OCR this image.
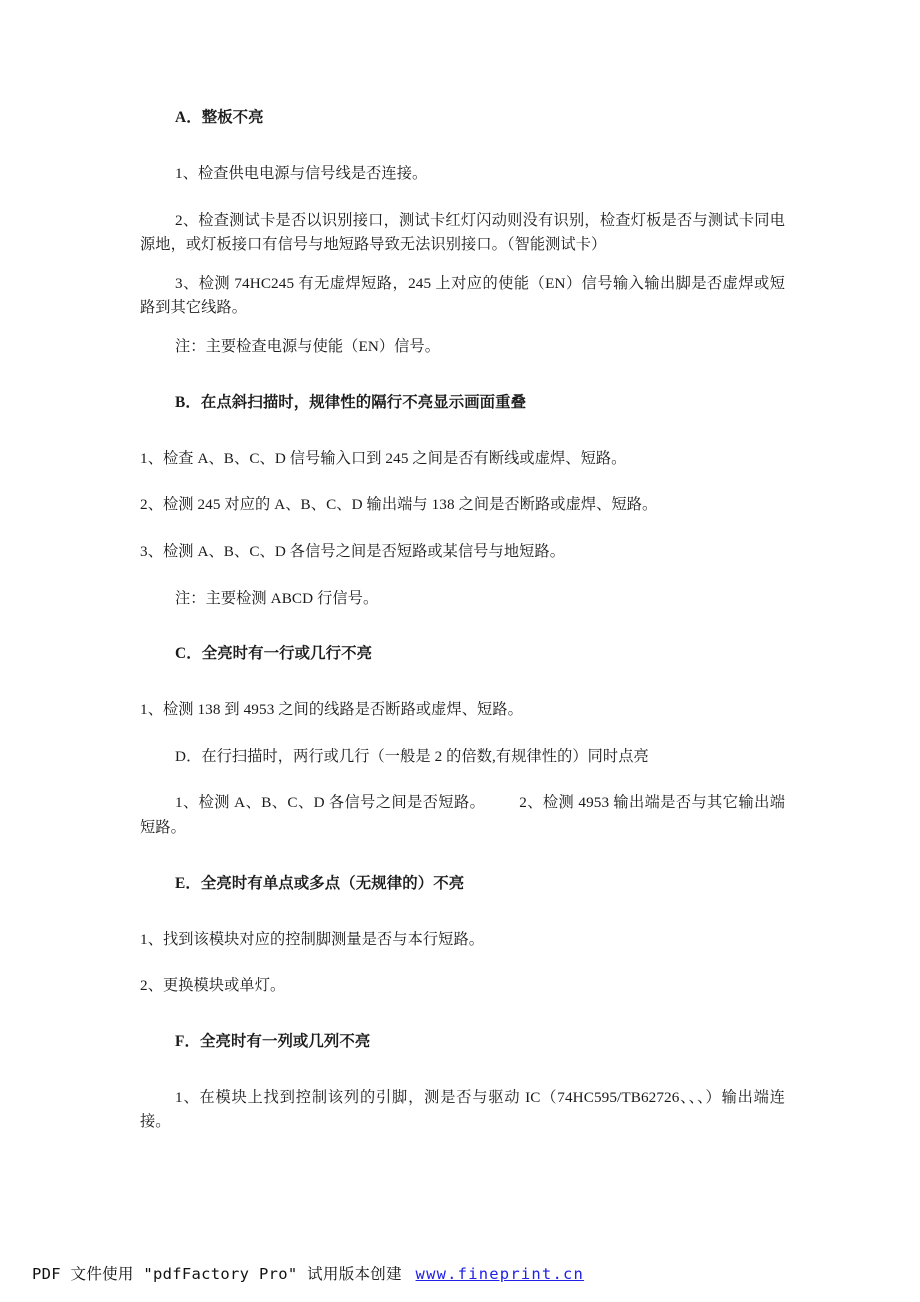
A．整板不亮

1、检查供电电源与信号线是否连接。

2、检查测试卡是否以识别接口，测试卡红灯闪动则没有识别，检查灯板是否与测试卡同电源地，或灯板接口有信号与地短路导致无法识别接口。（智能测试卡）

3、检测 74HC245 有无虚焊短路，245 上对应的使能（EN）信号输入输出脚是否虚焊或短路到其它线路。

注：主要检查电源与使能（EN）信号。

B．在点斜扫描时，规律性的隔行不亮显示画面重叠

1、检查 A、B、C、D 信号输入口到 245 之间是否有断线或虚焊、短路。

2、检测 245 对应的 A、B、C、D 输出端与 138 之间是否断路或虚焊、短路。

3、检测 A、B、C、D 各信号之间是否短路或某信号与地短路。

注：主要检测 ABCD 行信号。

C．全亮时有一行或几行不亮

1、检测 138 到 4953 之间的线路是否断路或虚焊、短路。

D．在行扫描时，两行或几行（一般是 2 的倍数,有规律性的）同时点亮

1、检测 A、B、C、D 各信号之间是否短路。 2、检测 4953 输出端是否与其它输出端短路。

E．全亮时有单点或多点（无规律的）不亮

1、找到该模块对应的控制脚测量是否与本行短路。

2、更换模块或单灯。

F．全亮时有一列或几列不亮

1、在模块上找到控制该列的引脚，测是否与驱动 IC（74HC595/TB62726、、、）输出端连接。

PDF 文件使用 "pdfFactory Pro" 试用版本创建 www.fineprint.cn
